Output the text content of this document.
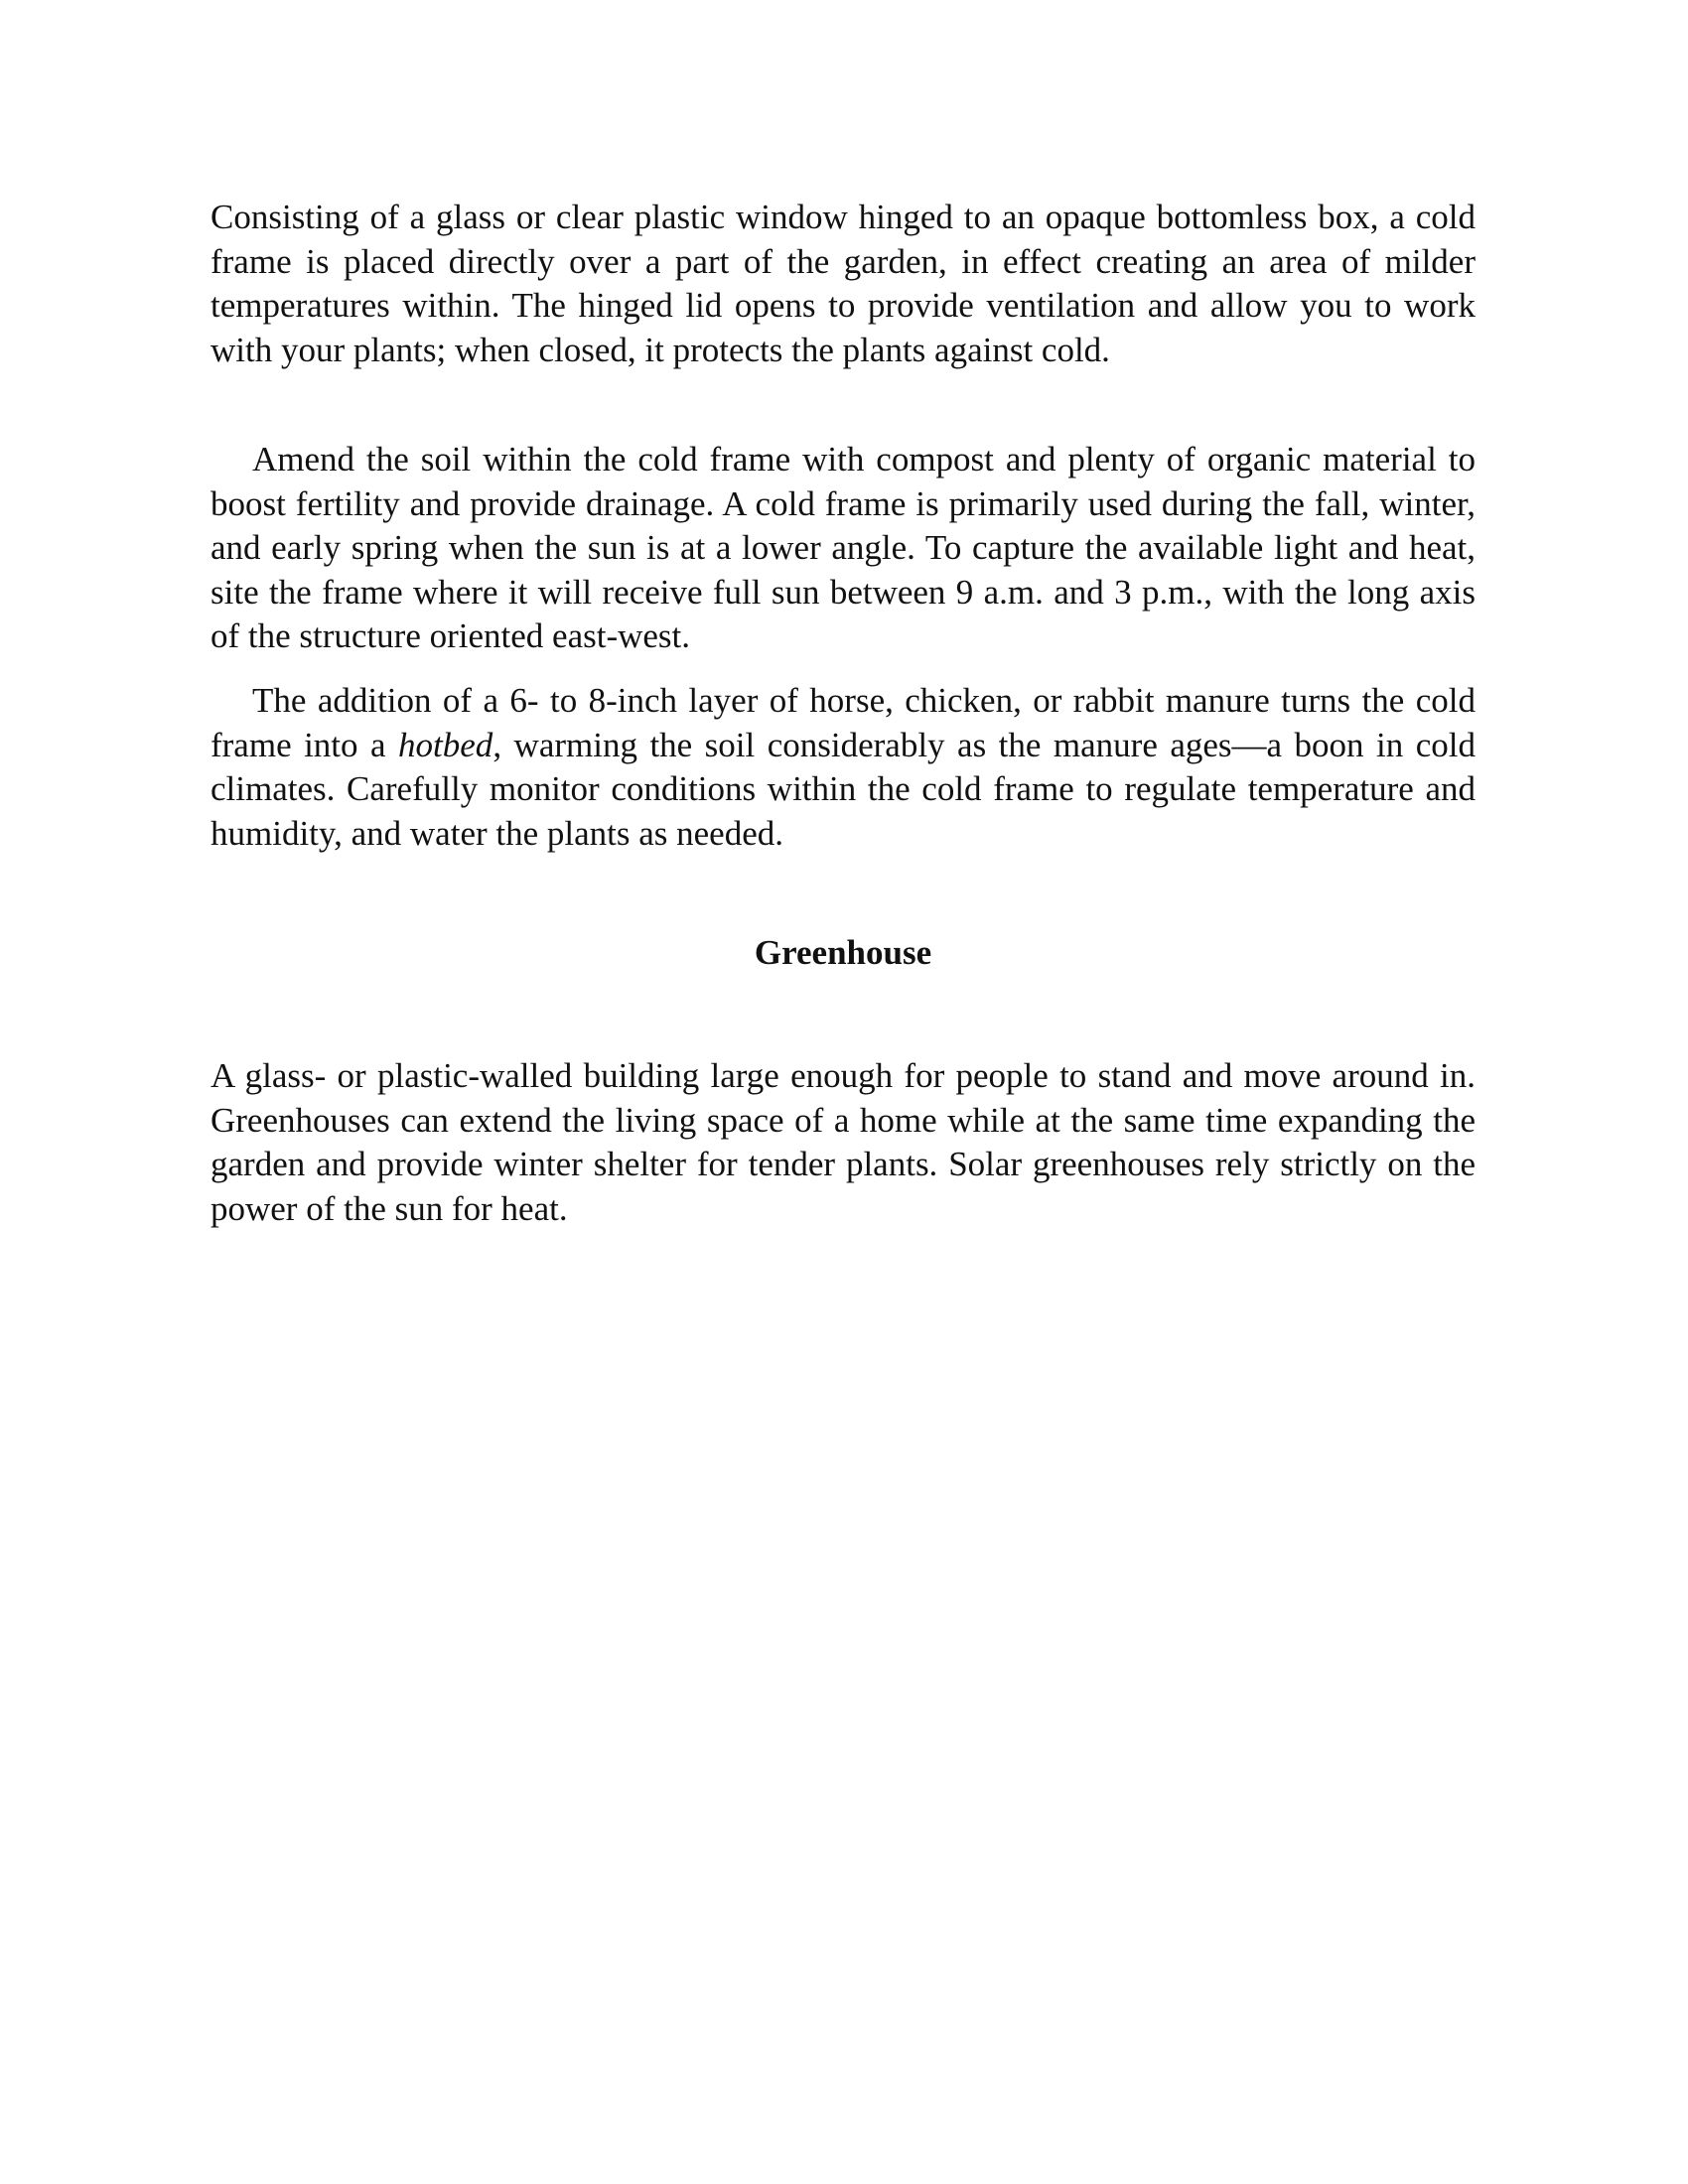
Consisting of a glass or clear plastic window hinged to an opaque bottomless box, a cold frame is placed directly over a part of the garden, in effect creating an area of milder temperatures within. The hinged lid opens to provide ventilation and allow you to work with your plants; when closed, it protects the plants against cold.

Amend the soil within the cold frame with compost and plenty of organic material to boost fertility and provide drainage. A cold frame is primarily used during the fall, winter, and early spring when the sun is at a lower angle. To capture the available light and heat, site the frame where it will receive full sun between 9 a.m. and 3 p.m., with the long axis of the structure oriented east-west.

The addition of a 6- to 8-inch layer of horse, chicken, or rabbit manure turns the cold frame into a hotbed, warming the soil considerably as the manure ages—a boon in cold climates. Carefully monitor conditions within the cold frame to regulate temperature and humidity, and water the plants as needed.

Greenhouse

A glass- or plastic-walled building large enough for people to stand and move around in. Greenhouses can extend the living space of a home while at the same time expanding the garden and provide winter shelter for tender plants. Solar greenhouses rely strictly on the power of the sun for heat.
